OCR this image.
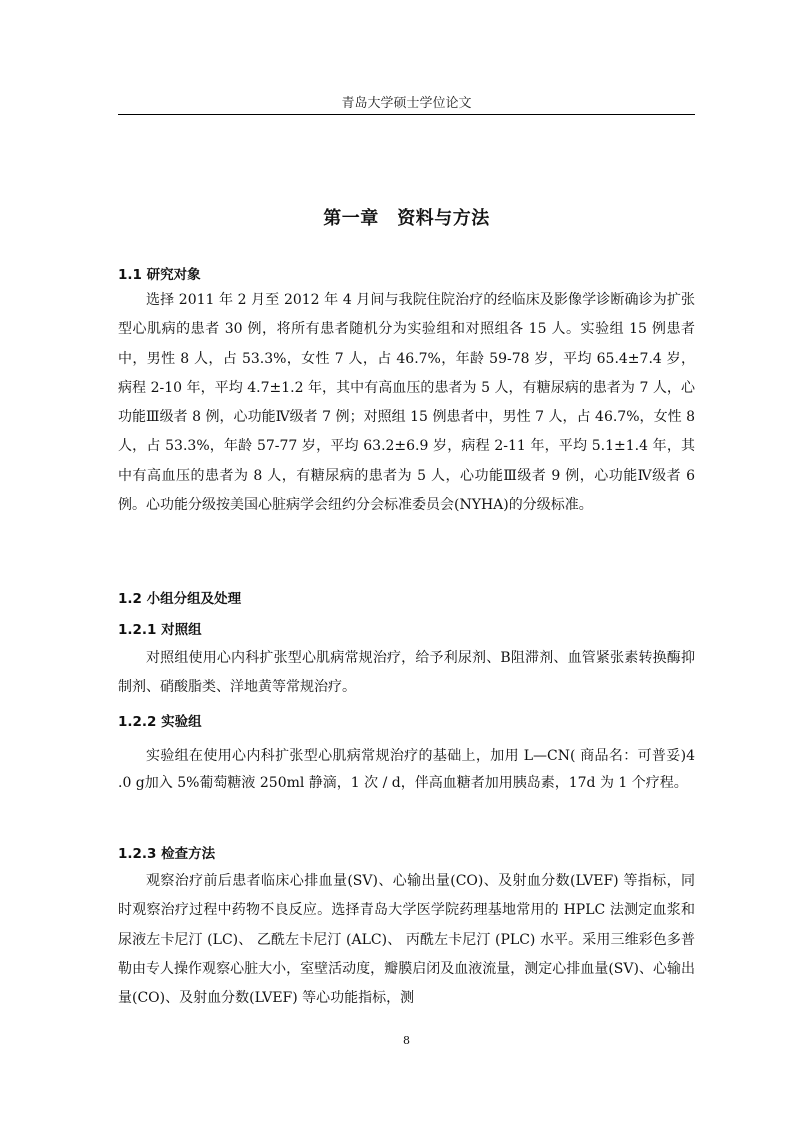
青岛大学硕士学位论文
第一章　资料与方法
1.1 研究对象
选择 2011 年 2 月至 2012 年 4 月间与我院住院治疗的经临床及影像学诊断确诊为扩张型心肌病的患者 30 例，将所有患者随机分为实验组和对照组各 15 人。实验组 15 例患者中，男性 8 人，占 53.3%，女性 7 人，占 46.7%，年龄 59-78 岁，平均 65.4±7.4 岁，病程 2-10 年，平均 4.7±1.2 年，其中有高血压的患者为 5 人，有糖尿病的患者为 7 人，心功能Ⅲ级者 8 例，心功能Ⅳ级者 7 例；对照组 15 例患者中，男性 7 人，占 46.7%，女性 8 人，占 53.3%，年龄 57-77 岁，平均 63.2±6.9 岁，病程 2-11 年，平均 5.1±1.4 年，其中有高血压的患者为 8 人，有糖尿病的患者为 5 人，心功能Ⅲ级者 9 例，心功能Ⅳ级者 6 例。心功能分级按美国心脏病学会纽约分会标准委员会(NYHA)的分级标准。
1.2 小组分组及处理
1.2.1 对照组
对照组使用心内科扩张型心肌病常规治疗，给予利尿剂、Β阻滞剂、血管紧张素转换酶抑制剂、硝酸脂类、洋地黄等常规治疗。
1.2.2 实验组
实验组在使用心内科扩张型心肌病常规治疗的基础上，加用 L—CN( 商品名：可普妥)4 .0 g加入 5%葡萄糖液 250ml 静滴，1 次 / d，伴高血糖者加用胰岛素，17d 为 1 个疗程。
1.2.3 检查方法
观察治疗前后患者临床心排血量(SV)、心输出量(CO)、及射血分数(LVEF) 等指标，同时观察治疗过程中药物不良反应。选择青岛大学医学院药理基地常用的 HPLC 法测定血浆和尿液左卡尼汀 (LC)、 乙酰左卡尼汀 (ALC)、 丙酰左卡尼汀 (PLC) 水平。采用三维彩色多普勒由专人操作观察心脏大小，室壁活动度，瓣膜启闭及血液流量，测定心排血量(SV)、心输出量(CO)、及射血分数(LVEF) 等心功能指标，测
8
